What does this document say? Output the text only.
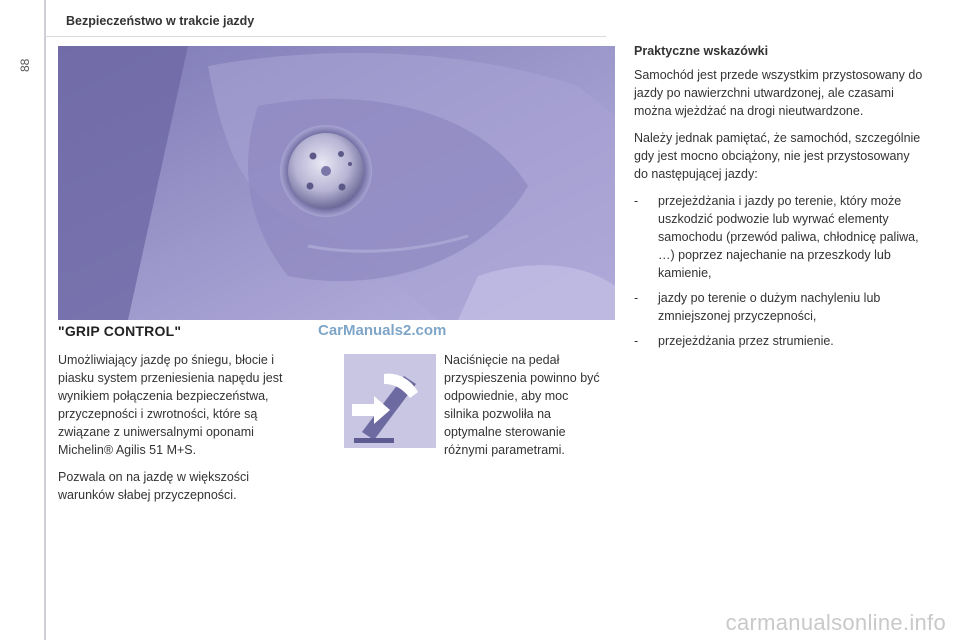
88
Bezpieczeństwo w trakcie jazdy
"GRIP CONTROL"	CarManuals2.com

Umożliwiający jazdę po śniegu, błocie i piasku system przeniesienia napędu jest wynikiem połączenia bezpieczeństwa, przyczepności i zwrotności, które są związane z uniwersalnymi oponami Michelin® Agilis 51 M+S.

Pozwala on na jazdę w większości warunków słabej przyczepności.

Naciśnięcie na pedał przyspieszenia powinno być odpowiednie, aby moc silnika pozwoliła na optymalne sterowanie różnymi parametrami.
Praktyczne wskazówki

Samochód jest przede wszystkim przystosowany do jazdy po nawierzchni utwardzonej, ale czasami można wjeżdżać na drogi nieutwardzone.

Należy jednak pamiętać, że samochód, szczególnie gdy jest mocno obciążony, nie jest przystosowany do następującej jazdy:

- przejeżdżania i jazdy po terenie, który może uszkodzić podwozie lub wyrwać elementy samochodu (przewód paliwa, chłodnicę paliwa, …) poprzez najechanie na przeszkody lub kamienie,
- jazdy po terenie o dużym nachyleniu lub zmniejszonej przyczepności,
- przejeżdżania przez strumienie.
carmanualsonline.info
